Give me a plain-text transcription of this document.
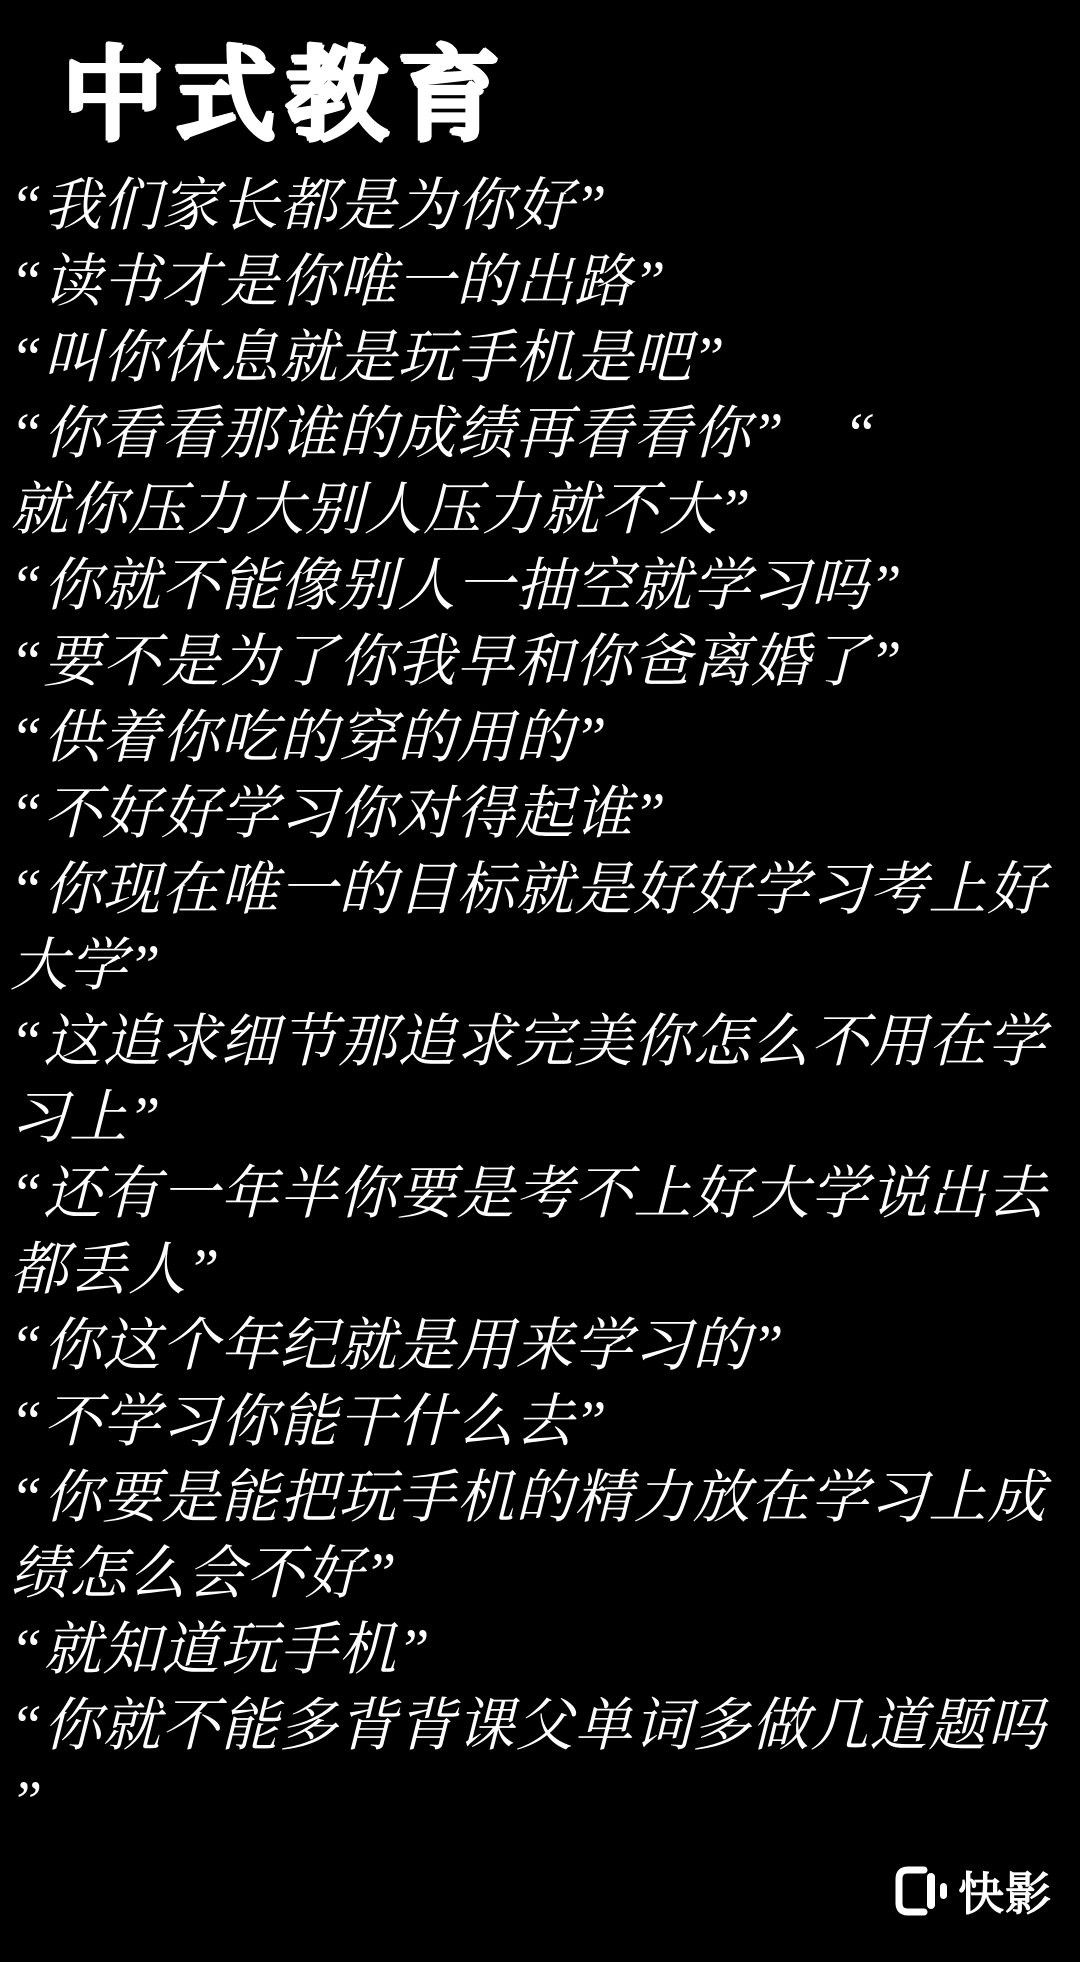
中式教育
“我们家长都是为你好”
“读书才是你唯一的出路”
“叫你休息就是玩手机是吧”
“你看看那谁的成绩再看看你”　“
就你压力大别人压力就不大”
“你就不能像别人一抽空就学习吗”
“要不是为了你我早和你爸离婚了”
“供着你吃的穿的用的”
“不好好学习你对得起谁”
“你现在唯一的目标就是好好学习考上好
大学”
“这追求细节那追求完美你怎么不用在学
习上”
“还有一年半你要是考不上好大学说出去
都丢人”
“你这个年纪就是用来学习的”
“不学习你能干什么去”
“你要是能把玩手机的精力放在学习上成
绩怎么会不好”
“就知道玩手机”
“你就不能多背背课父单词多做几道题吗
”
快影
